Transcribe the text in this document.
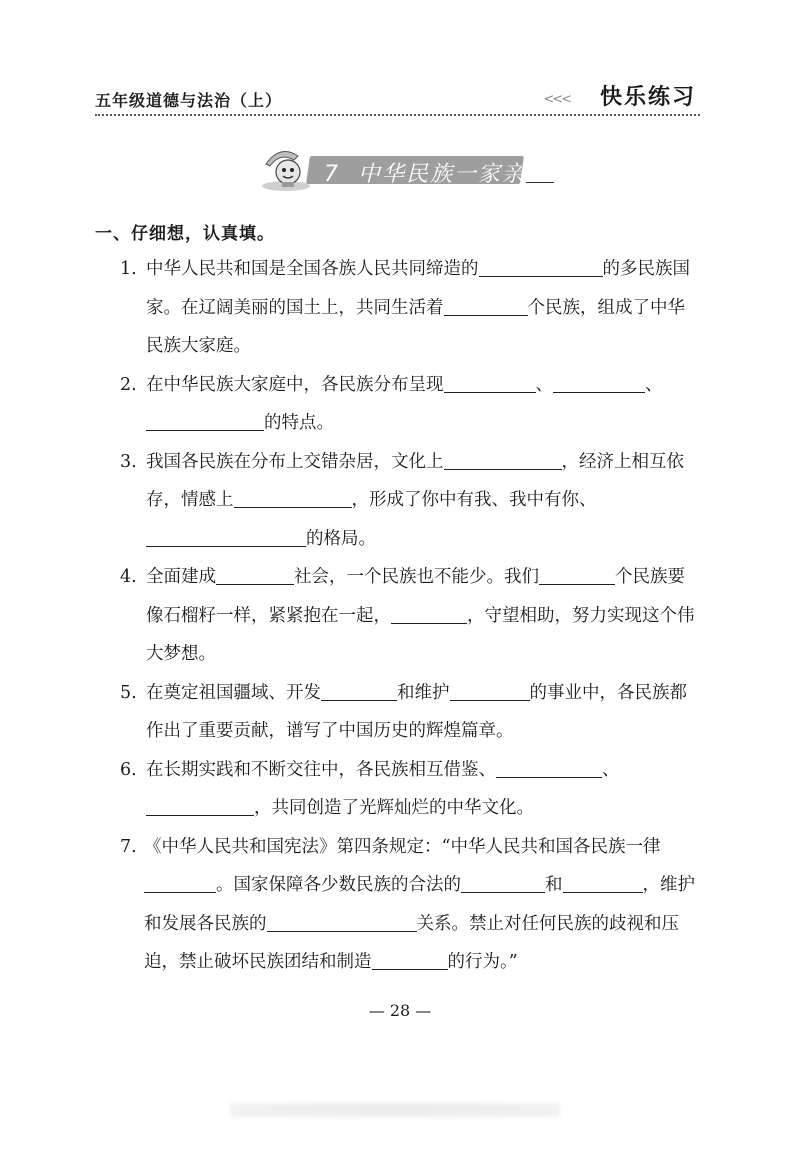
五年级道德与法治（上）	<<< 快乐练习
7 中华民族一家亲
一、仔细想，认真填。
1. 中华人民共和国是全国各族人民共同缔造的	的多民族国家。在辽阔美丽的国土上，共同生活着	个民族，组成了中华民族大家庭。
2. 在中华民族大家庭中，各民族分布呈现	、	、的特点。
3. 我国各民族在分布上交错杂居，文化上	，经济上相互依存，情感上	，形成了你中有我、我中有你、的格局。
4. 全面建成	社会，一个民族也不能少。我们	个民族要像石榴籽一样，紧紧抱在一起，	，守望相助，努力实现这个伟大梦想。
5. 在奠定祖国疆域、开发	和维护	的事业中，各民族都作出了重要贡献，谱写了中国历史的辉煌篇章。
6. 在长期实践和不断交往中，各民族相互借鉴、	、，共同创造了光辉灿烂的中华文化。
7. 《中华人民共和国宪法》第四条规定：“中华人民共和国各民族一律。国家保障各少数民族的合法的	和	，维护和发展各民族的	关系。禁止对任何民族的歧视和压迫，禁止破坏民族团结和制造	的行为。”
— 28 —
